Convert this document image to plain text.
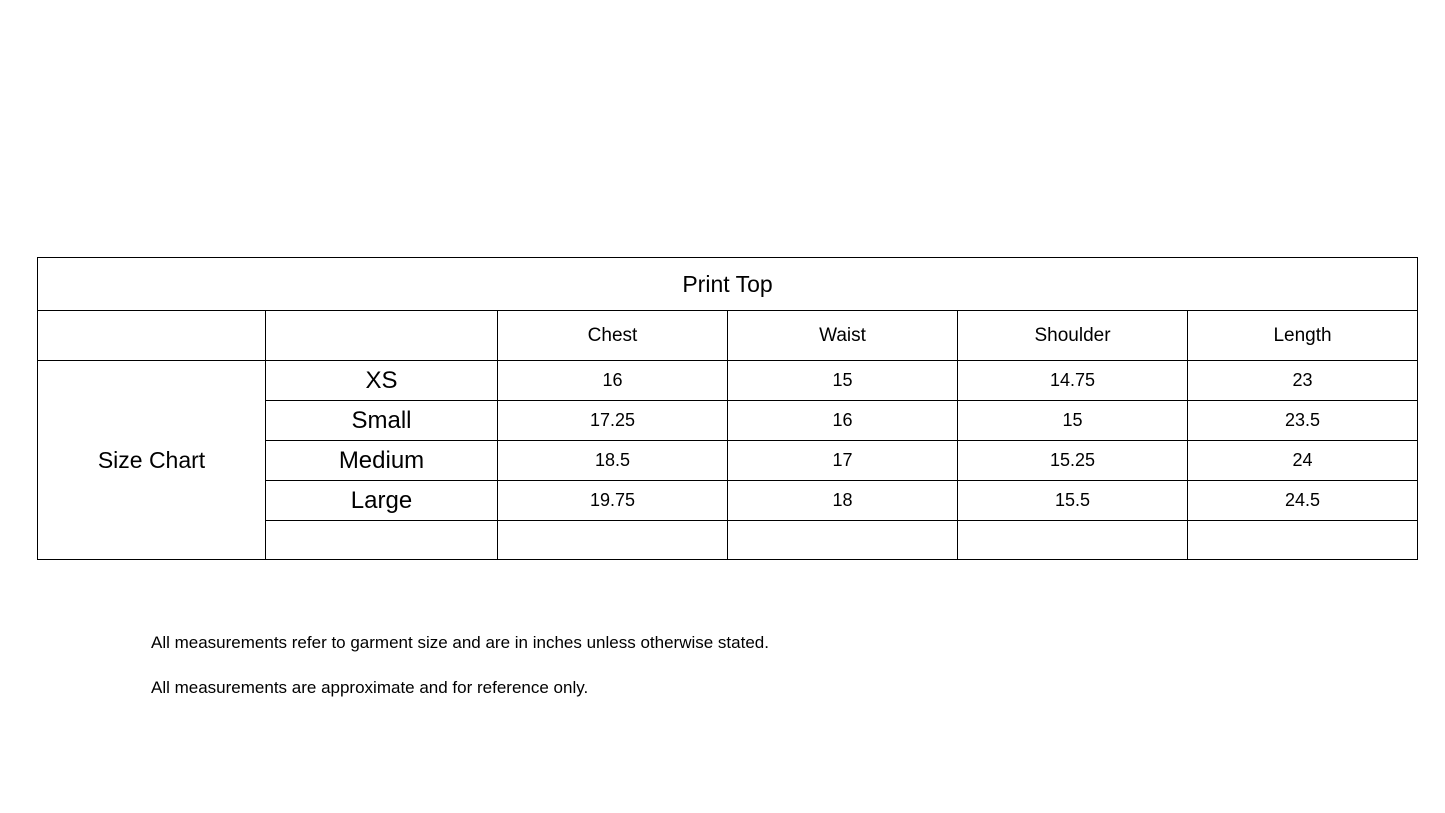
Print Top					
		Chest	Waist	Shoulder	Length
Size Chart	XS	16	15	14.75	23
	Small	17.25	16	15	23.5
	Medium	18.5	17	15.25	24
	Large	19.75	18	15.5	24.5

All measurements refer to garment size and are in inches unless otherwise stated.
All measurements are approximate and for reference only.
